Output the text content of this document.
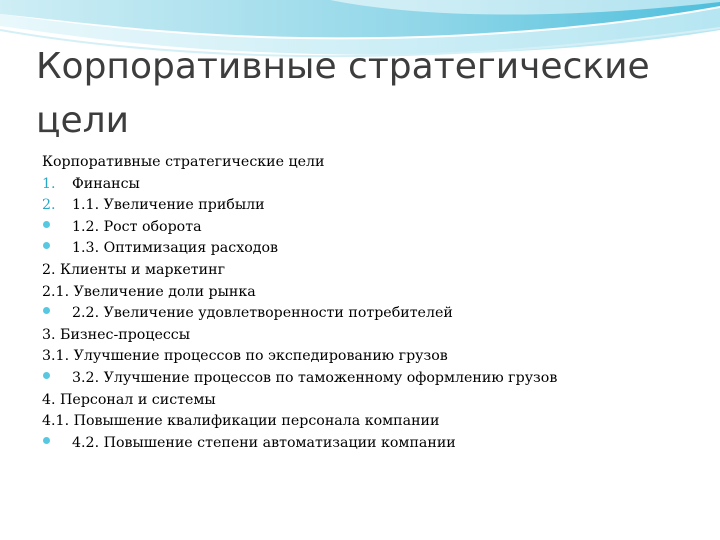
Корпоративные стратегические цели
Корпоративные стратегические цели
1.	Финансы
2.	1.1. Увеличение прибыли
1.2. Рост оборота
1.3. Оптимизация расходов
2. Клиенты и маркетинг
2.1. Увеличение доли рынка
2.2. Увеличение удовлетворенности потребителей
3. Бизнес-процессы
3.1. Улучшение процессов по экспедированию грузов
3.2. Улучшение процессов по таможенному оформлению грузов
4. Персонал и системы
4.1. Повышение квалификации персонала компании
4.2. Повышение степени автоматизации компании
